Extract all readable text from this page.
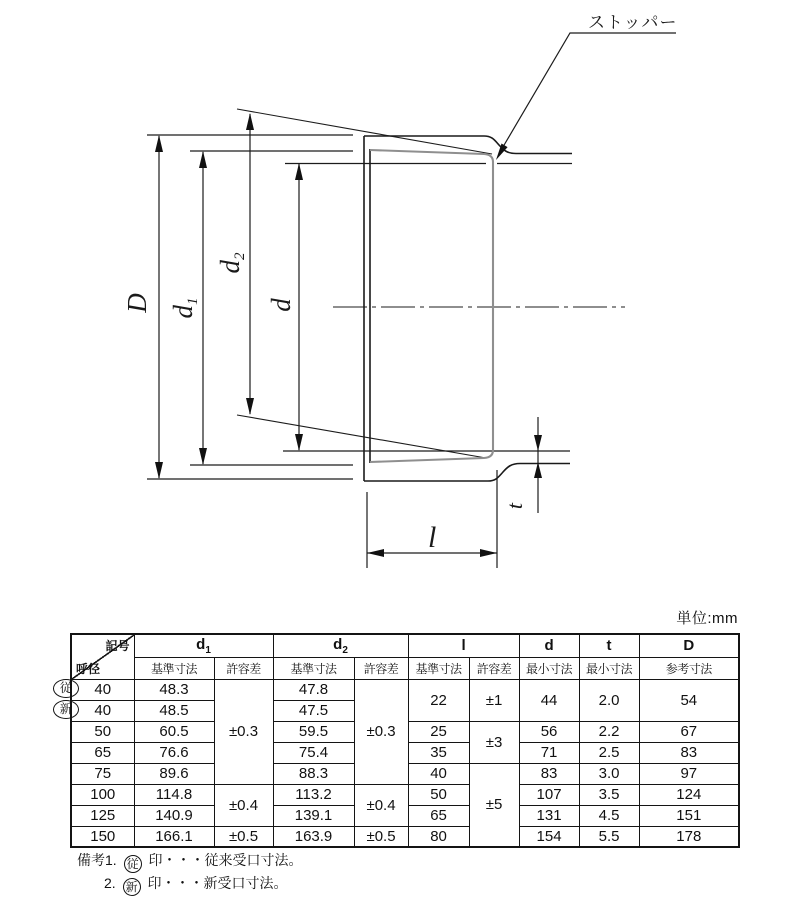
ストッパー
D d1
d2
d
l
t
単位:mm
記号
呼径	$d_1$		$d_2$		l		d	t	D
	基準寸法	許容差	基準寸法	許容差	基準寸法	許容差	最小寸法	最小寸法	参考寸法
40	48.3	±0.3	47.8	±0.3	22	±1	44	2.0	54
40	48.5		47.5						
50	60.5		59.5		25	±3	56	2.2	67
65	76.6		75.4		35		71	2.5	83
75	89.6		88.3		40	±5	83	3.0	97
100	114.8	±0.4	113.2	±0.4	50		107	3.5	124
125	140.9		139.1		65		131	4.5	151
150	166.1	±0.5	163.9	±0.5	80		154	5.5	178
従
新
備考1. 従 印・・・従来受口寸法。
2. 新 印・・・新受口寸法。
